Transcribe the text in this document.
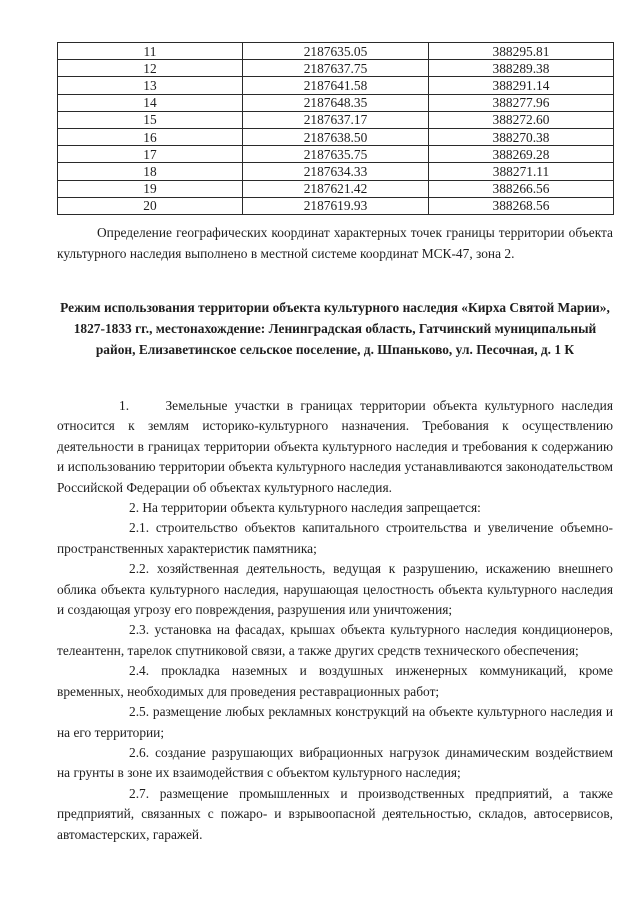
11	2187635.05	388295.81
12	2187637.75	388289.38
13	2187641.58	388291.14
14	2187648.35	388277.96
15	2187637.17	388272.60
16	2187638.50	388270.38
17	2187635.75	388269.28
18	2187634.33	388271.11
19	2187621.42	388266.56
20	2187619.93	388268.56

Определение географических координат характерных точек границы территории объекта культурного наследия выполнено в местной системе координат МСК-47, зона 2.

Режим использования территории объекта культурного наследия «Кирха Святой Марии», 1827-1833 гг., местонахождение: Ленинградская область, Гатчинский муниципальный район, Елизаветинское сельское поселение, д. Шпаньково, ул. Песочная, д. 1 К

1.     Земельные участки в границах территории объекта культурного наследия относится к землям историко-культурного назначения. Требования к осуществлению деятельности в границах территории объекта культурного наследия и требования к содержанию и использованию территории объекта культурного наследия устанавливаются законодательством Российской Федерации об объектах культурного наследия.

2. На территории объекта культурного наследия запрещается:

2.1. строительство объектов капитального строительства и увеличение объемно-пространственных характеристик памятника;

2.2. хозяйственная деятельность, ведущая к разрушению, искажению внешнего облика объекта культурного наследия, нарушающая целостность объекта культурного наследия и создающая угрозу его повреждения, разрушения или уничтожения;

2.3. установка на фасадах, крышах объекта культурного наследия кондиционеров, телеантенн, тарелок спутниковой связи, а также других средств технического обеспечения;

2.4. прокладка наземных и воздушных инженерных коммуникаций, кроме временных, необходимых для проведения реставрационных работ;

2.5. размещение любых рекламных конструкций на объекте культурного наследия и на его территории;

2.6. создание разрушающих вибрационных нагрузок динамическим воздействием на грунты в зоне их взаимодействия с объектом культурного наследия;

2.7. размещение промышленных и производственных предприятий, а также предприятий, связанных с пожаро- и взрывоопасной деятельностью, складов, автосервисов, автомастерских, гаражей.
